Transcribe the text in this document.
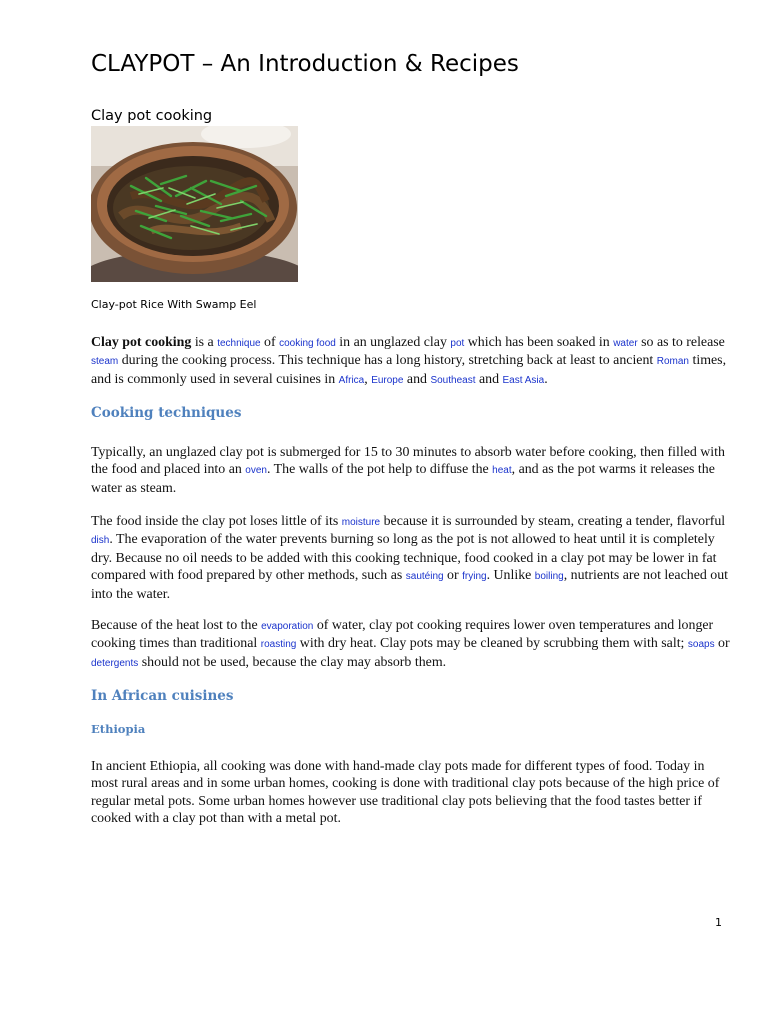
CLAYPOT – An Introduction & Recipes
Clay pot cooking

Clay-pot Rice With Swamp Eel

Clay pot cooking is a technique of cooking food in an unglazed clay pot which has been soaked in water so as to release steam during the cooking process. This technique has a long history, stretching back at least to ancient Roman times, and is commonly used in several cuisines in Africa, Europe and Southeast and East Asia.

Cooking techniques

Typically, an unglazed clay pot is submerged for 15 to 30 minutes to absorb water before cooking, then filled with the food and placed into an oven. The walls of the pot help to diffuse the heat, and as the pot warms it releases the water as steam.

The food inside the clay pot loses little of its moisture because it is surrounded by steam, creating a tender, flavorful dish. The evaporation of the water prevents burning so long as the pot is not allowed to heat until it is completely dry. Because no oil needs to be added with this cooking technique, food cooked in a clay pot may be lower in fat compared with food prepared by other methods, such as sautéing or frying. Unlike boiling, nutrients are not leached out into the water.

Because of the heat lost to the evaporation of water, clay pot cooking requires lower oven temperatures and longer cooking times than traditional roasting with dry heat. Clay pots may be cleaned by scrubbing them with salt; soaps or detergents should not be used, because the clay may absorb them.

In African cuisines
Ethiopia

In ancient Ethiopia, all cooking was done with hand-made clay pots made for different types of food. Today in most rural areas and in some urban homes, cooking is done with traditional clay pots because of the high price of regular metal pots. Some urban homes however use traditional clay pots believing that the food tastes better if cooked with a clay pot than with a metal pot.

1
